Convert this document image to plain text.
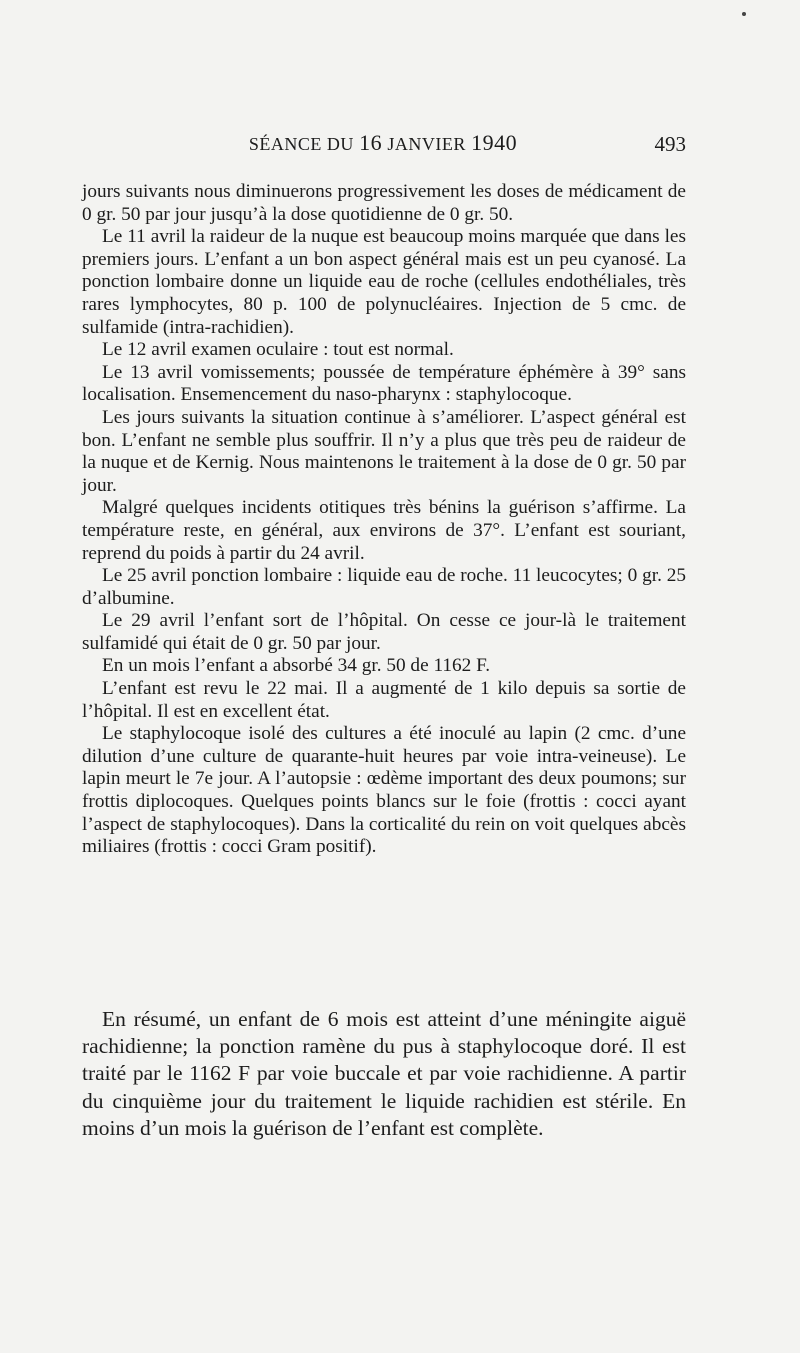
SÉANCE DU 16 JANVIER 1940	493

jours suivants nous diminuerons progressivement les doses de médicament de 0 gr. 50 par jour jusqu’à la dose quotidienne de 0 gr. 50.

Le 11 avril la raideur de la nuque est beaucoup moins marquée que dans les premiers jours. L’enfant a un bon aspect général mais est un peu cyanosé. La ponction lombaire donne un liquide eau de roche (cellules endothéliales, très rares lymphocytes, 80 p. 100 de polynucléaires. Injection de 5 cmc. de sulfamide (intra-rachidien).

Le 12 avril examen oculaire : tout est normal.

Le 13 avril vomissements; poussée de température éphémère à 39° sans localisation. Ensemencement du naso-pharynx : staphylocoque.

Les jours suivants la situation continue à s’améliorer. L’aspect général est bon. L’enfant ne semble plus souffrir. Il n’y a plus que très peu de raideur de la nuque et de Kernig. Nous maintenons le traitement à la dose de 0 gr. 50 par jour.

Malgré quelques incidents otitiques très bénins la guérison s’affirme. La température reste, en général, aux environs de 37°. L’enfant est souriant, reprend du poids à partir du 24 avril.

Le 25 avril ponction lombaire : liquide eau de roche. 11 leucocytes; 0 gr. 25 d’albumine.

Le 29 avril l’enfant sort de l’hôpital. On cesse ce jour-là le traitement sulfamidé qui était de 0 gr. 50 par jour.

En un mois l’enfant a absorbé 34 gr. 50 de 1162 F.

L’enfant est revu le 22 mai. Il a augmenté de 1 kilo depuis sa sortie de l’hôpital. Il est en excellent état.

Le staphylocoque isolé des cultures a été inoculé au lapin (2 cmc. d’une dilution d’une culture de quarante-huit heures par voie intra-veineuse). Le lapin meurt le 7e jour. A l’autopsie : œdème important des deux poumons; sur frottis diplocoques. Quelques points blancs sur le foie (frottis : cocci ayant l’aspect de staphylocoques). Dans la corticalité du rein on voit quelques abcès miliaires (frottis : cocci Gram positif).

En résumé, un enfant de 6 mois est atteint d’une méningite aiguë rachidienne; la ponction ramène du pus à staphylocoque doré. Il est traité par le 1162 F par voie buccale et par voie rachidienne. A partir du cinquième jour du traitement le liquide rachidien est stérile. En moins d’un mois la guérison de l’enfant est complète.
